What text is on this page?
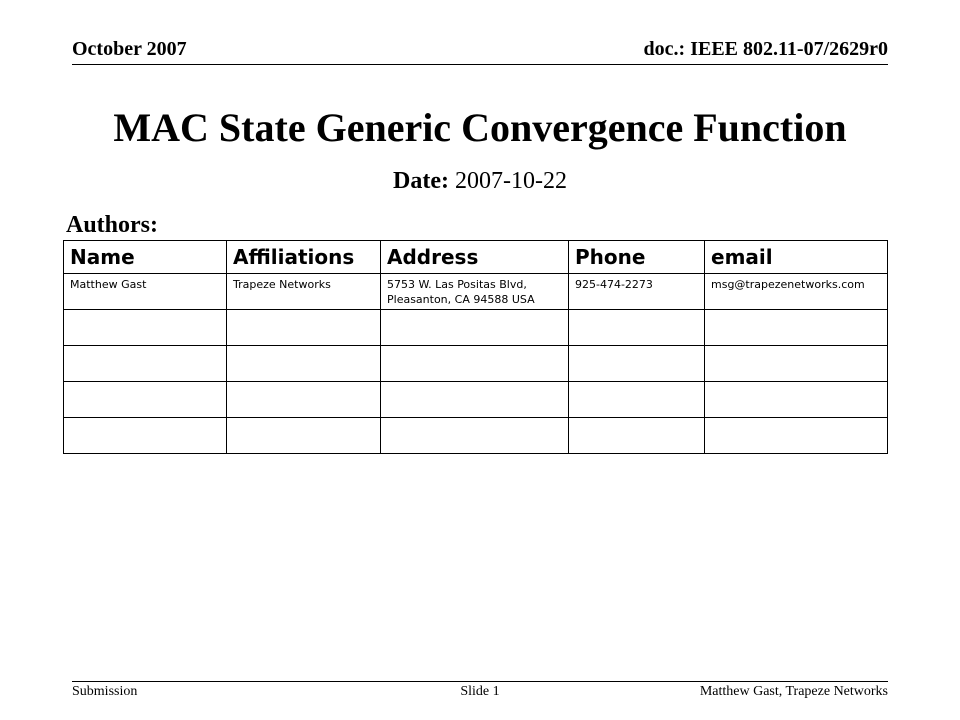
October 2007	doc.: IEEE 802.11-07/2629r0
MAC State Generic Convergence Function
Date: 2007-10-22
Authors:
Name	Affiliations	Address	Phone	email
Matthew Gast	Trapeze Networks	5753 W. Las Positas Blvd,
Pleasanton, CA 94588 USA	925-474-2273	msg@trapezenetworks.com

Submission	Slide 1	Matthew Gast, Trapeze Networks
